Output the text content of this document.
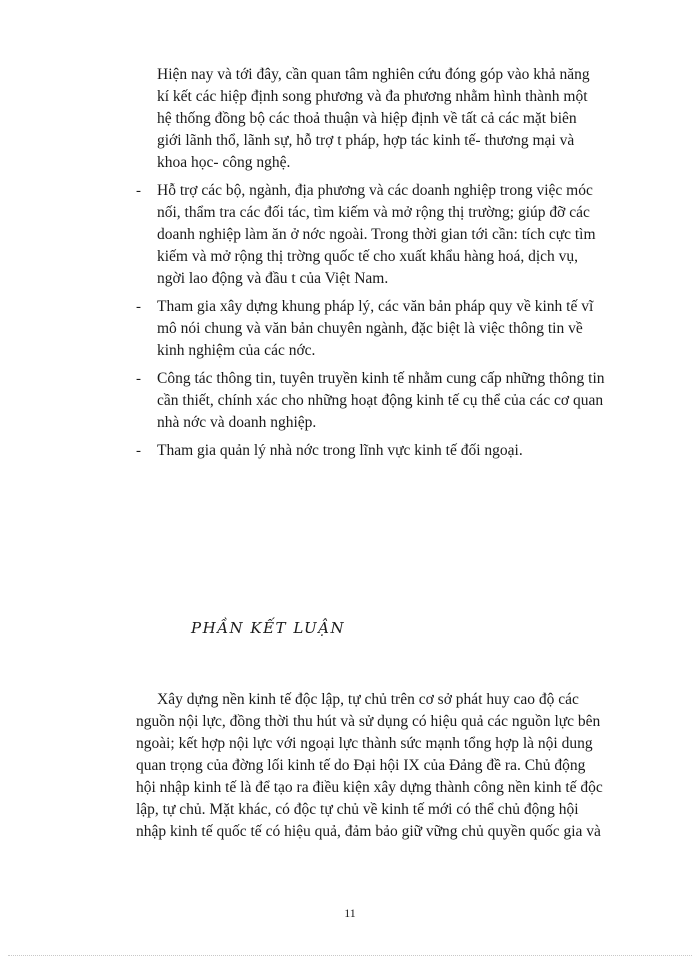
Hiện nay và tới đây, cần quan tâm nghiên cứu đóng góp vào khả năng
kí kết các hiệp định song phương và đa phương nhằm hình thành một
hệ thống đồng bộ các thoả thuận và hiệp định về tất cả các mặt biên
giới lãnh thổ, lãnh sự, hỗ trợ t pháp, hợp tác kinh tế- thương mại và
khoa học- công nghệ.
- Hỗ trợ các bộ, ngành, địa phương và các doanh nghiệp trong việc móc
nối, thẩm tra các đối tác, tìm kiếm và mở rộng thị trường; giúp đỡ các
doanh nghiệp làm ăn ở nớc ngoài. Trong thời gian tới cần: tích cực tìm
kiếm và mở rộng thị trờng quốc tế cho xuất khẩu hàng hoá, dịch vụ,
ngời lao động và đầu t của Việt Nam.
- Tham gia xây dựng khung pháp lý, các văn bản pháp quy về kinh tế vĩ
mô nói chung và văn bản chuyên ngành, đặc biệt là việc thông tin về
kinh nghiệm của các nớc.
- Công tác thông tin, tuyên truyền kinh tế nhằm cung cấp những thông tin
cần thiết, chính xác cho những hoạt động kinh tế cụ thể của các cơ quan
nhà nớc và doanh nghiệp.
- Tham gia quản lý nhà nớc trong lĩnh vực kinh tế đối ngoại.
PHẦN KẾT LUẬN
Xây dựng nền kinh tế độc lập, tự chủ trên cơ sở phát huy cao độ các
nguồn nội lực, đồng thời thu hút và sử dụng có hiệu quả các nguồn lực bên
ngoài; kết hợp nội lực với ngoại lực thành sức mạnh tổng hợp là nội dung
quan trọng của đờng lối kinh tế do Đại hội IX của Đảng đề ra. Chủ động
hội nhập kinh tế là để tạo ra điều kiện xây dựng thành công nền kinh tế độc
lập, tự chủ. Mặt khác, có độc tự chủ về kinh tế mới có thể chủ động hội
nhập kinh tế quốc tế có hiệu quả, đảm bảo giữ vững chủ quyền quốc gia và
11
